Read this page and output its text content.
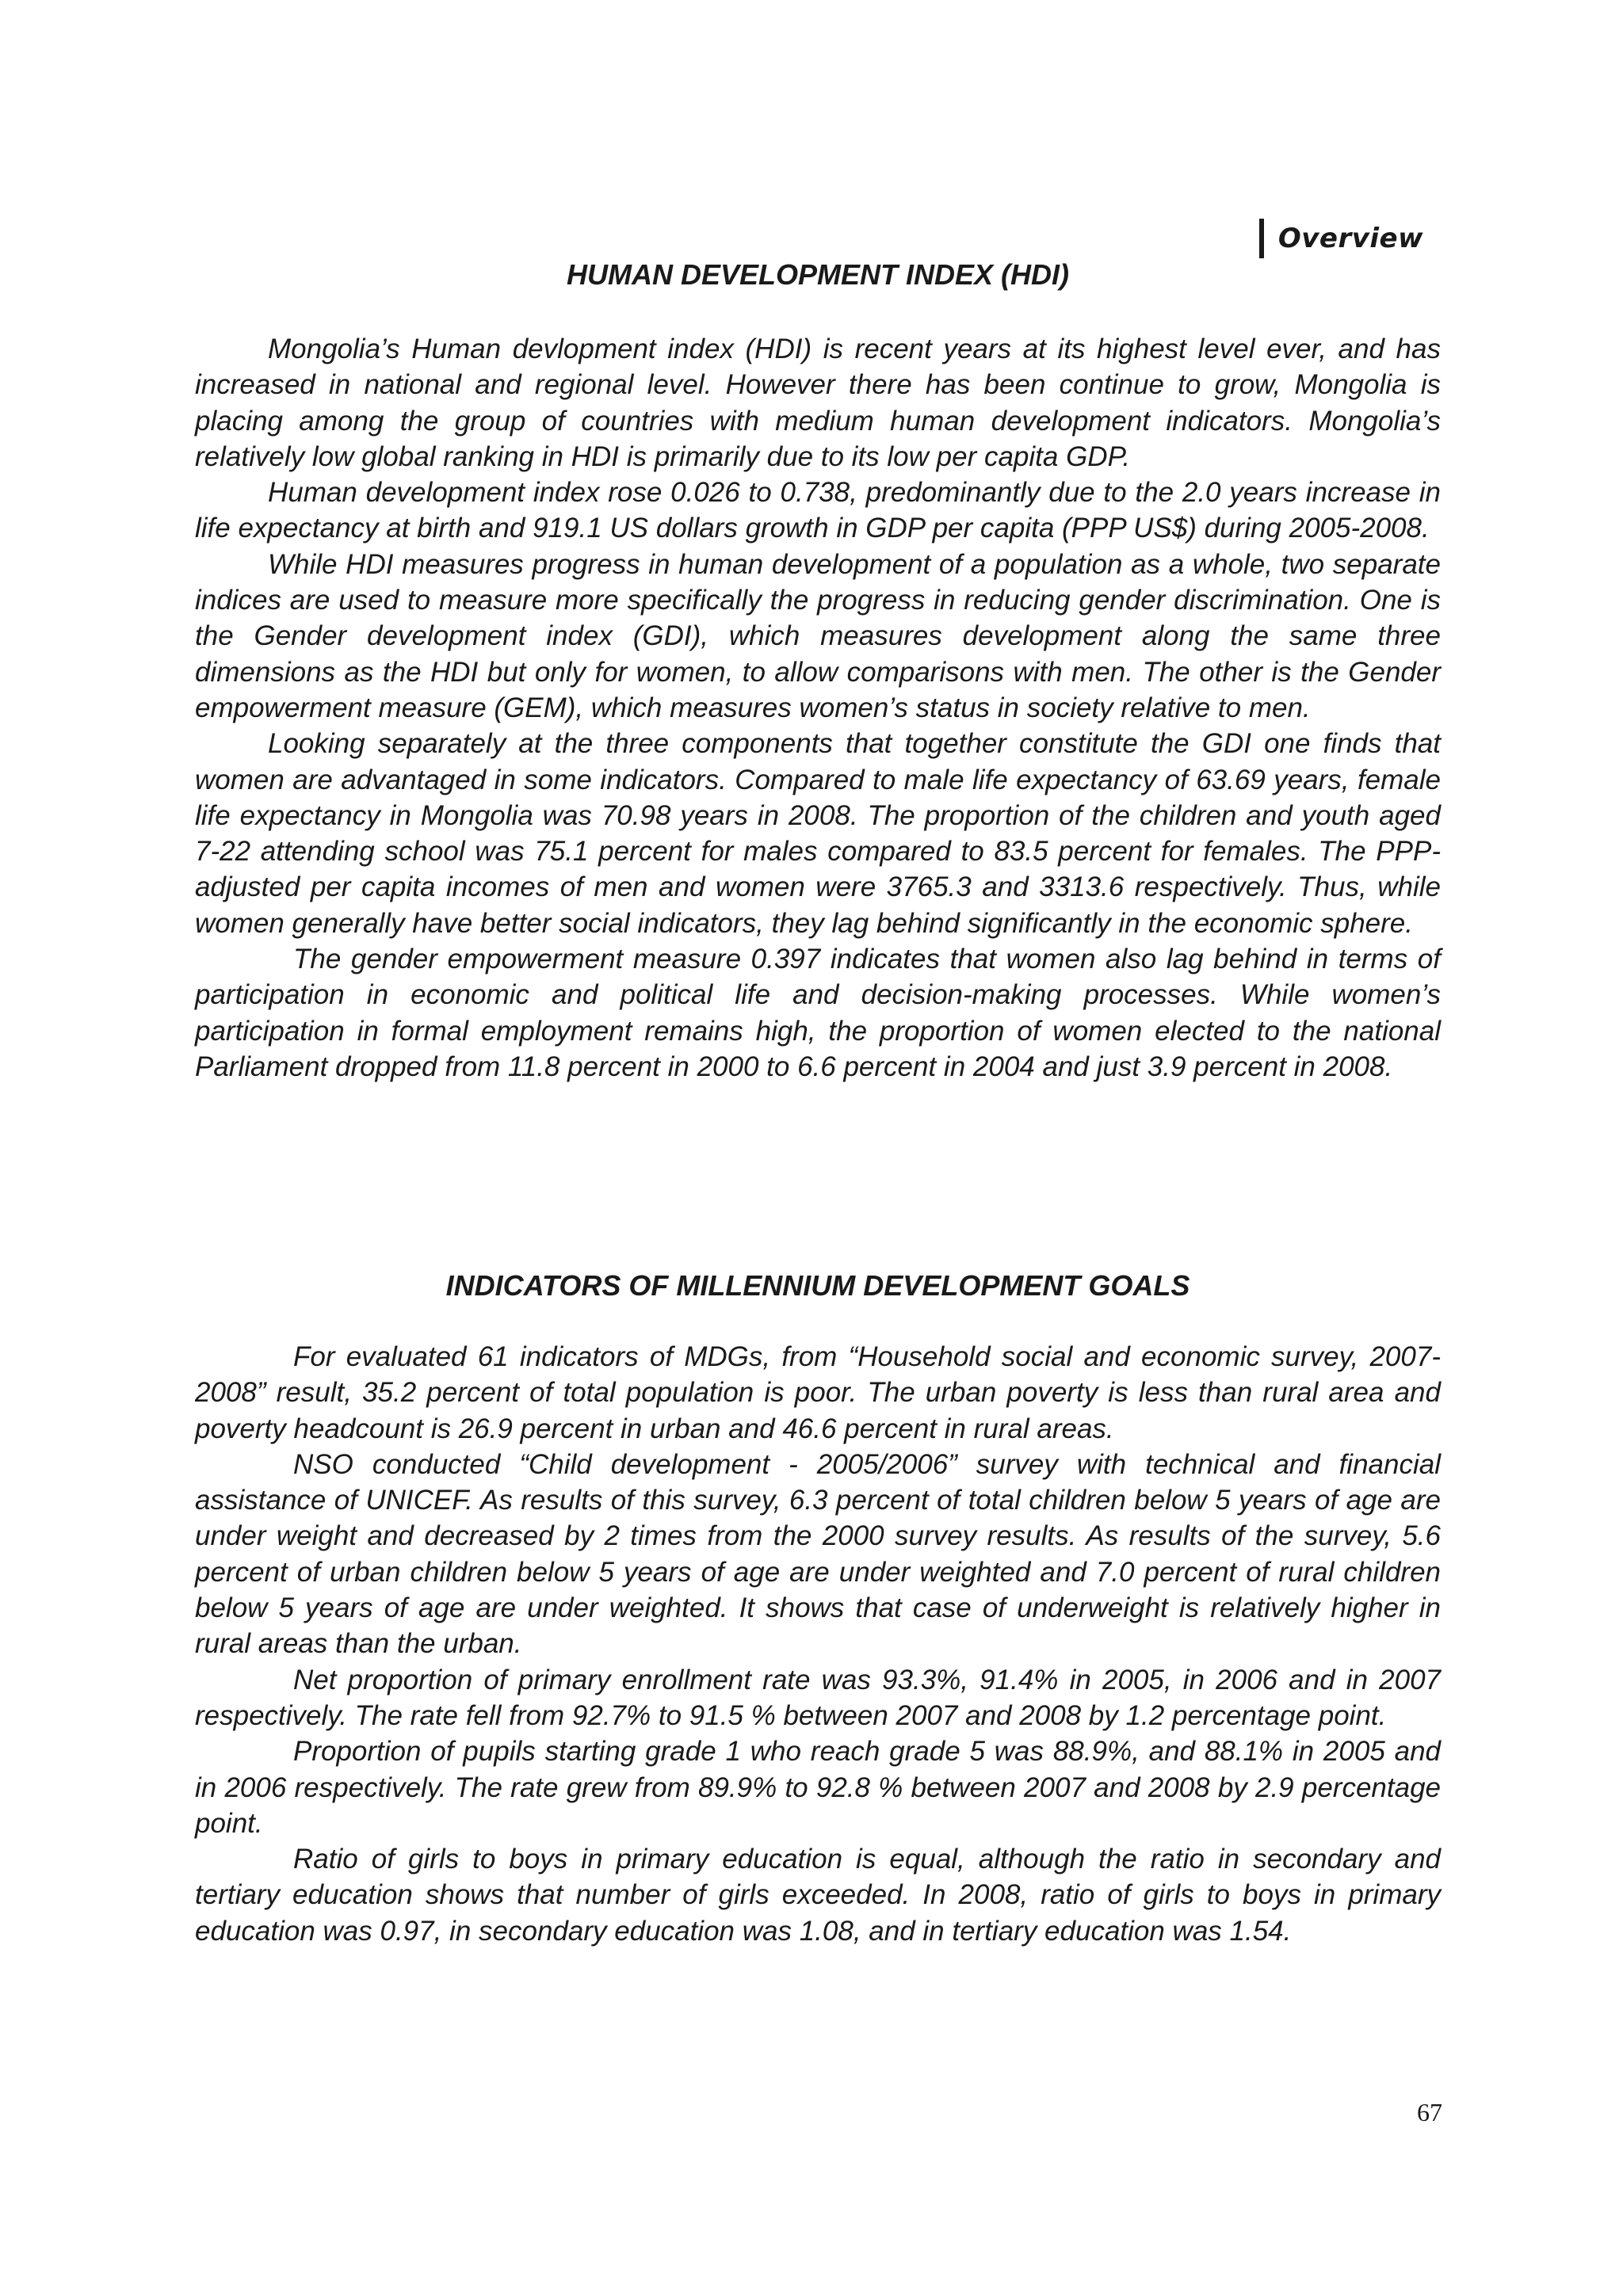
Overview
HUMAN DEVELOPMENT INDEX (HDI)

Mongolia’s Human devlopment index (HDI) is recent years at its highest level ever, and has increased in national and regional level. However there has been continue to grow, Mongolia is placing among the group of countries with medium human development indicators. Mongolia’s relatively low global ranking in HDI is primarily due to its low per capita GDP.

Human development index rose 0.026 to 0.738, predominantly due to the 2.0 years increase in life expectancy at birth and 919.1 US dollars growth in GDP per capita (PPP US$) during 2005-2008.

While HDI measures progress in human development of a population as a whole, two separate indices are used to measure more specifically the progress in reducing gender discrimination. One is the Gender development index (GDI), which measures development along the same three dimensions as the HDI but only for women, to allow comparisons with men. The other is the Gender empowerment measure (GEM), which measures women’s status in society relative to men.

Looking separately at the three components that together constitute the GDI one finds that women are advantaged in some indicators. Compared to male life expectancy of 63.69 years, female life expectancy in Mongolia was 70.98 years in 2008. The proportion of the children and youth aged 7-22 attending school was 75.1 percent for males compared to 83.5 percent for females. The PPP-adjusted per capita incomes of men and women were 3765.3 and 3313.6 respectively. Thus, while women generally have better social indicators, they lag behind significantly in the economic sphere.

The gender empowerment measure 0.397 indicates that women also lag behind in terms of participation in economic and political life and decision-making processes. While women’s participation in formal employment remains high, the proportion of women elected to the national Parliament dropped from 11.8 percent in 2000 to 6.6 percent in 2004 and just 3.9 percent in 2008.

INDICATORS OF MILLENNIUM DEVELOPMENT GOALS

For evaluated 61 indicators of MDGs, from “Household social and economic survey, 2007-2008” result, 35.2 percent of total population is poor. The urban poverty is less than rural area and poverty headcount is 26.9 percent in urban and 46.6 percent in rural areas.

NSO conducted “Child development - 2005/2006” survey with technical and financial assistance of UNICEF. As results of this survey, 6.3 percent of total children below 5 years of age are under weight and decreased by 2 times from the 2000 survey results. As results of the survey, 5.6 percent of urban children below 5 years of age are under weighted and 7.0 percent of rural children below 5 years of age are under weighted. It shows that case of underweight is relatively higher in rural areas than the urban.

Net proportion of primary enrollment rate was 93.3%, 91.4% in 2005, in 2006 and in 2007 respectively. The rate fell from 92.7% to 91.5 % between 2007 and 2008 by 1.2 percentage point.

Proportion of pupils starting grade 1 who reach grade 5 was 88.9%, and 88.1% in 2005 and in 2006 respectively. The rate grew from 89.9% to 92.8 % between 2007 and 2008 by 2.9 percentage point.

Ratio of girls to boys in primary education is equal, although the ratio in secondary and tertiary education shows that number of girls exceeded. In 2008, ratio of girls to boys in primary education was 0.97, in secondary education was 1.08, and in tertiary education was 1.54.

67
